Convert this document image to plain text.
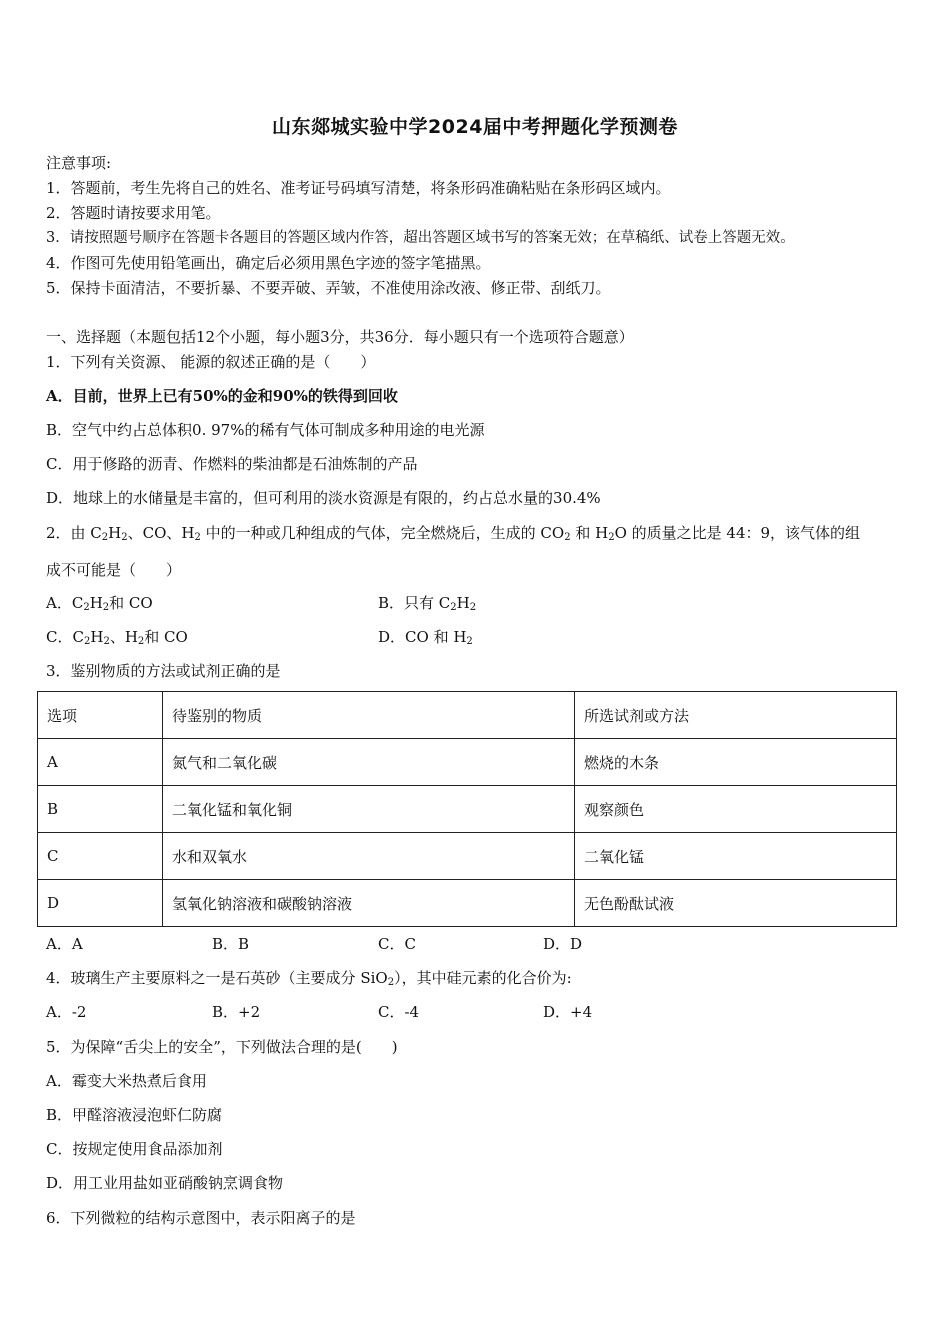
山东郯城实验中学2024届中考押题化学预测卷
注意事项:
1．答题前，考生先将自己的姓名、准考证号码填写清楚，将条形码准确粘贴在条形码区域内。
2．答题时请按要求用笔。
3．请按照题号顺序在答题卡各题目的答题区域内作答，超出答题区域书写的答案无效；在草稿纸、试卷上答题无效。
4．作图可先使用铅笔画出，确定后必须用黑色字迹的签字笔描黑。
5．保持卡面清洁，不要折暴、不要弄破、弄皱，不准使用涂改液、修正带、刮纸刀。
一、选择题（本题包括12个小题，每小题3分，共36分．每小题只有一个选项符合题意）
1．下列有关资源、 能源的叙述正确的是（　　）
A．目前，世界上已有50%的金和90%的铁得到回收
B．空气中约占总体积0. 97%的稀有气体可制成多种用途的电光源
C．用于修路的沥青、作燃料的柴油都是石油炼制的产品
D．地球上的水储量是丰富的，但可利用的淡水资源是有限的，约占总水量的30.4%
2．由 $C_2H_2$、CO、$H_2$ 中的一种或几种组成的气体，完全燃烧后，生成的 $CO_2$ 和 $H_2O$ 的质量之比是 44：9，该气体的组
成不可能是（　　）
A．$C_2H_2$和 CO	B．只有 $C_2H_2$
C．$C_2H_2$、$H_2$和 CO	D．CO 和 $H_2$
3．鉴别物质的方法或试剂正确的是
选项	待鉴别的物质	所选试剂或方法
A	氮气和二氧化碳	燃烧的木条
B	二氧化锰和氧化铜	观察颜色
C	水和双氧水	二氧化锰
D	氢氧化钠溶液和碳酸钠溶液	无色酚酞试液
A．A	B．B	C．C	D．D
4．玻璃生产主要原料之一是石英砂（主要成分 SiO$_2$），其中硅元素的化合价为:
A．-2	B．+2	C．-4	D．+4
5．为保障“舌尖上的安全”，下列做法合理的是(　　)
A．霉变大米热煮后食用
B．甲醛溶液浸泡虾仁防腐
C．按规定使用食品添加剂
D．用工业用盐如亚硝酸钠烹调食物
6．下列微粒的结构示意图中，表示阳离子的是
